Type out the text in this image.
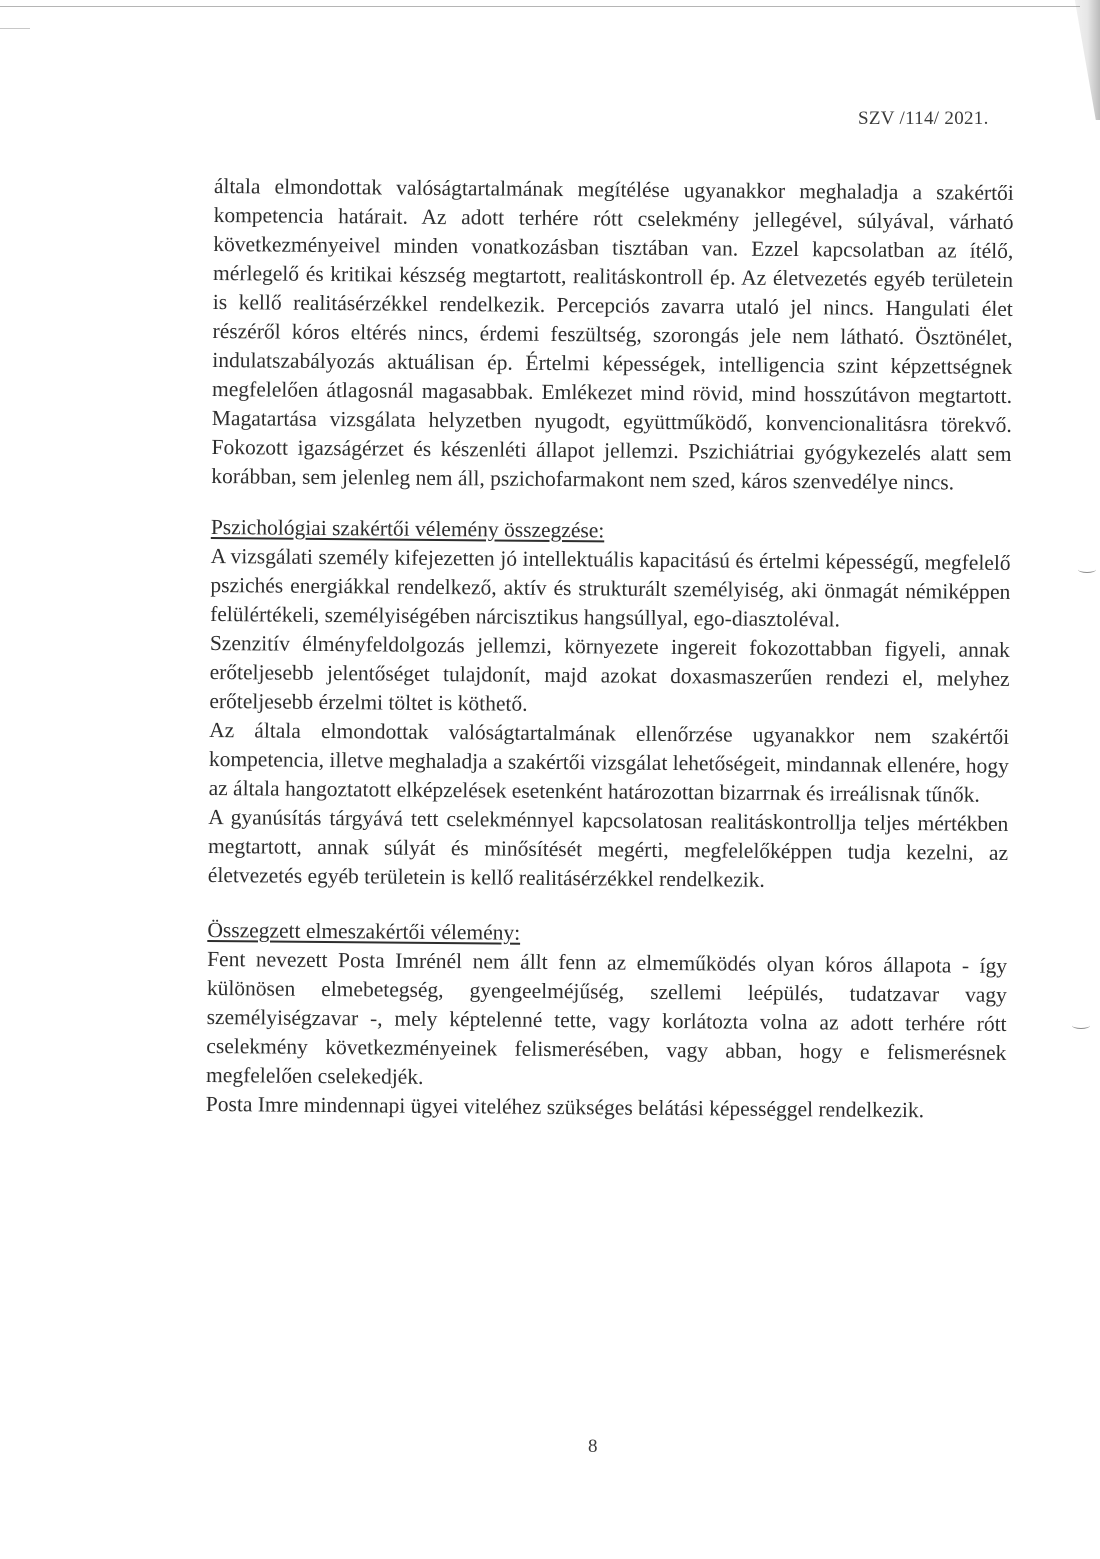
SZV /114/ 2021.

általa elmondottak valóságtartalmának megítélése ugyanakkor meghaladja a szakértői kompetencia határait. Az adott terhére rótt cselekmény jellegével, súlyával, várható következményeivel minden vonatkozásban tisztában van. Ezzel kapcsolatban az ítélő, mérlegelő és kritikai készség megtartott, realitáskontroll ép. Az életvezetés egyéb területein is kellő realitásérzékkel rendelkezik. Percepciós zavarra utaló jel nincs. Hangulati élet részéről kóros eltérés nincs, érdemi feszültség, szorongás jele nem látható. Ösztönélet, indulatszabályozás aktuálisan ép. Értelmi képességek, intelligencia szint képzettségnek megfelelően átlagosnál magasabbak. Emlékezet mind rövid, mind hosszútávon megtartott. Magatartása vizsgálata helyzetben nyugodt, együttműködő, konvencionalitásra törekvő. Fokozott igazságérzet és készenléti állapot jellemzi. Pszichiátriai gyógykezelés alatt sem korábban, sem jelenleg nem áll, pszichofarmakont nem szed, káros szenvedélye nincs.

Pszichológiai szakértői vélemény összegzése:

A vizsgálati személy kifejezetten jó intellektuális kapacitású és értelmi képességű, megfelelő pszichés energiákkal rendelkező, aktív és strukturált személyiség, aki önmagát némiképpen felülértékeli, személyiségében nárcisztikus hangsúllyal, ego-diasztoléval.

Szenzitív élményfeldolgozás jellemzi, környezete ingereit fokozottabban figyeli, annak erőteljesebb jelentőséget tulajdonít, majd azokat doxasmaszerűen rendezi el, melyhez erőteljesebb érzelmi töltet is köthető.

Az általa elmondottak valóságtartalmának ellenőrzése ugyanakkor nem szakértői kompetencia, illetve meghaladja a szakértői vizsgálat lehetőségeit, mindannak ellenére, hogy az általa hangoztatott elképzelések esetenként határozottan bizarrnak és irreálisnak tűnők.

A gyanúsítás tárgyává tett cselekménnyel kapcsolatosan realitáskontrollja teljes mértékben megtartott, annak súlyát és minősítését megérti, megfelelőképpen tudja kezelni, az életvezetés egyéb területein is kellő realitásérzékkel rendelkezik.

Összegzett elmeszakértői vélemény:

Fent nevezett Posta Imrénél nem állt fenn az elmeműködés olyan kóros állapota - így különösen elmebetegség, gyengeelméjűség, szellemi leépülés, tudatzavar vagy személyiségzavar -, mely képtelenné tette, vagy korlátozta volna az adott terhére rótt cselekmény következményeinek felismerésében, vagy abban, hogy e felismerésnek megfelelően cselekedjék.

Posta Imre mindennapi ügyei viteléhez szükséges belátási képességgel rendelkezik.

8
